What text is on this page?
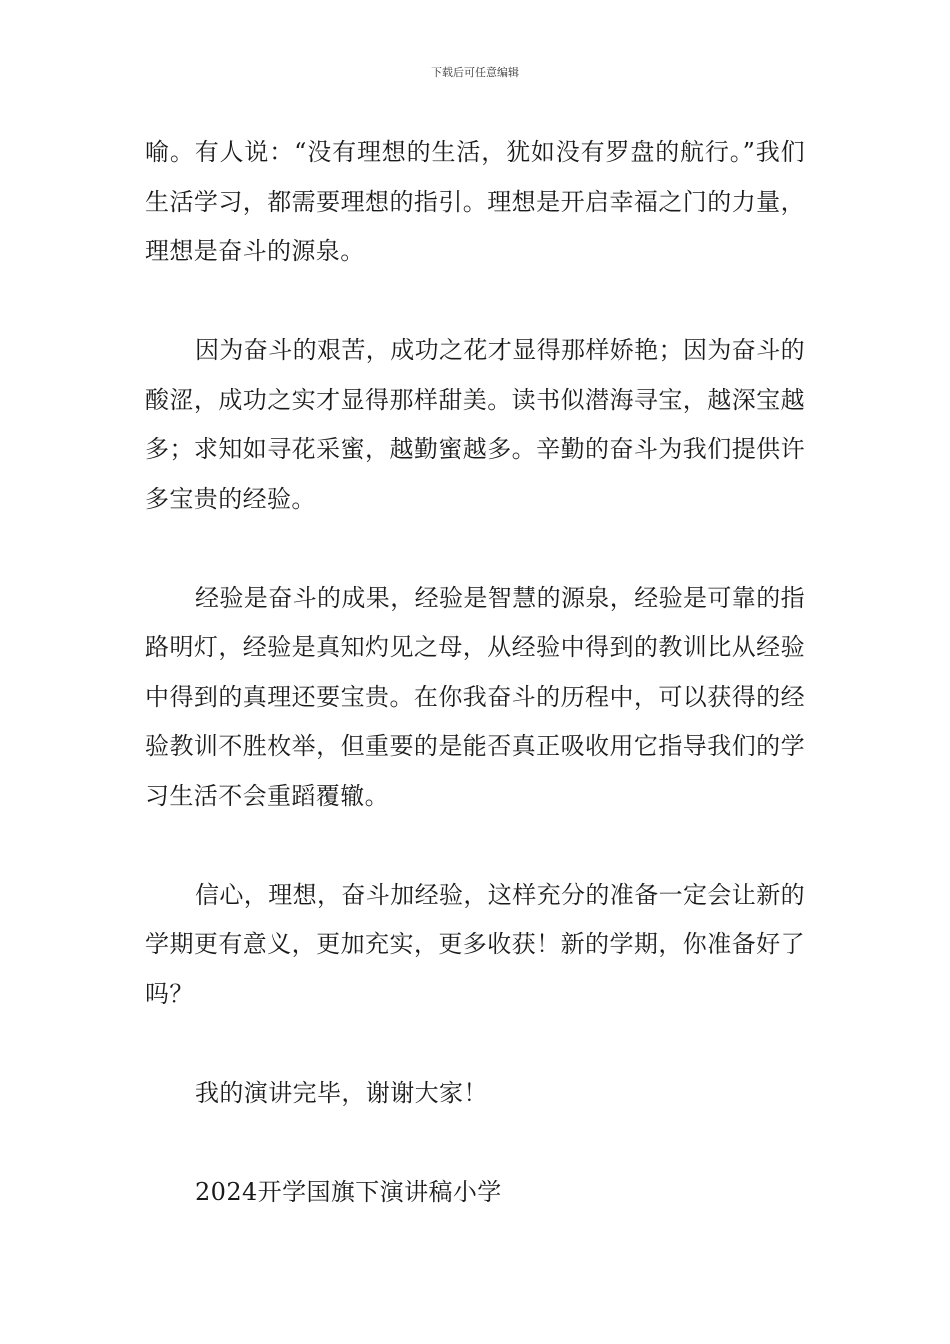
下载后可任意编辑

喻。有人说：“没有理想的生活，犹如没有罗盘的航行。”我们生活学习，都需要理想的指引。理想是开启幸福之门的力量，理想是奋斗的源泉。

因为奋斗的艰苦，成功之花才显得那样娇艳；因为奋斗的酸涩，成功之实才显得那样甜美。读书似潜海寻宝，越深宝越多；求知如寻花采蜜，越勤蜜越多。辛勤的奋斗为我们提供许多宝贵的经验。

经验是奋斗的成果，经验是智慧的源泉，经验是可靠的指路明灯，经验是真知灼见之母，从经验中得到的教训比从经验中得到的真理还要宝贵。在你我奋斗的历程中，可以获得的经验教训不胜枚举，但重要的是能否真正吸收用它指导我们的学习生活不会重蹈覆辙。

信心，理想，奋斗加经验，这样充分的准备一定会让新的学期更有意义，更加充实，更多收获！新的学期，你准备好了吗？

我的演讲完毕，谢谢大家！

2024开学国旗下演讲稿小学
